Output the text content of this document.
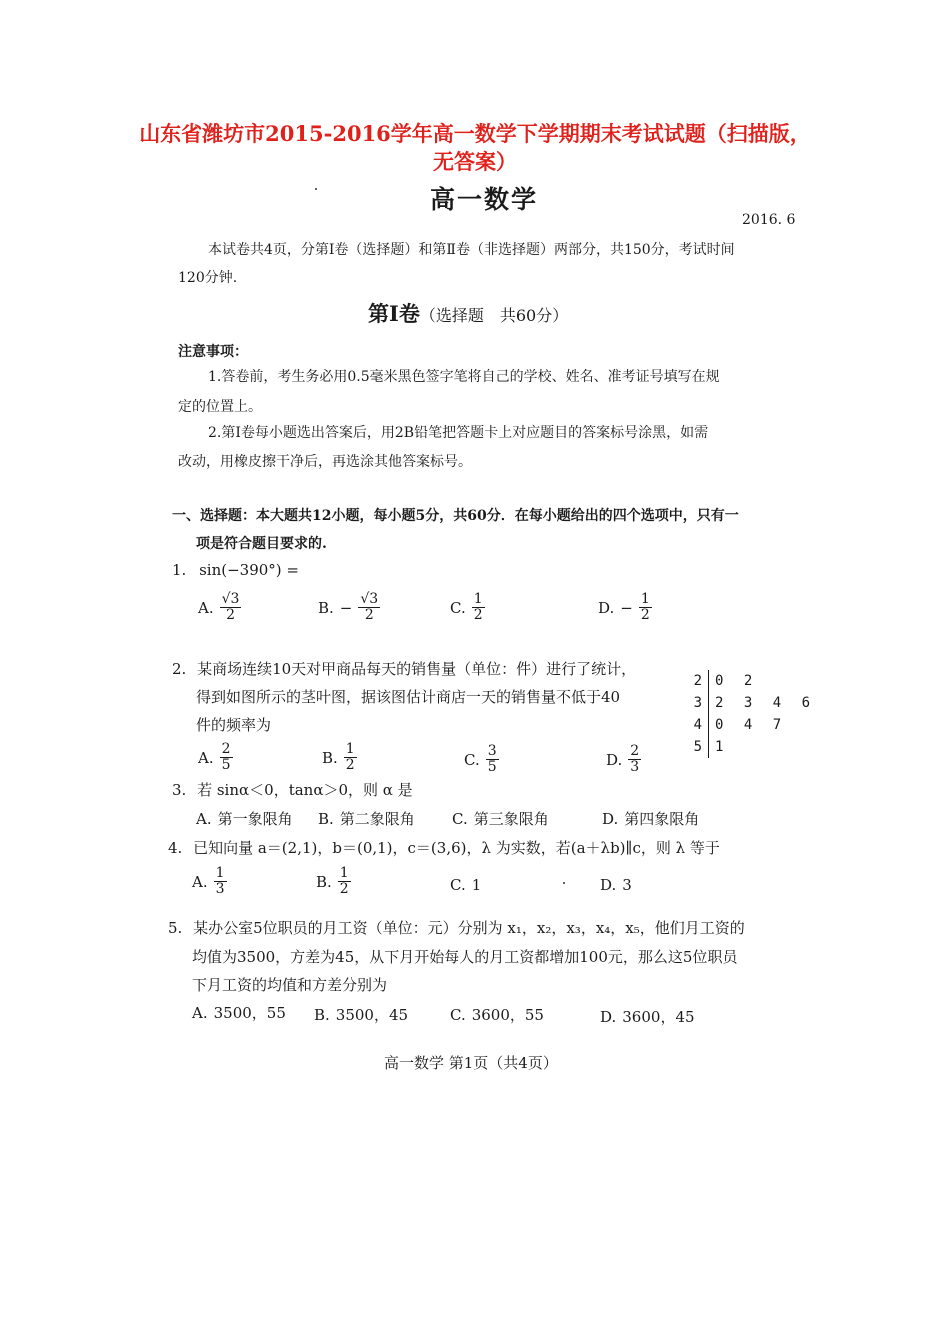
山东省潍坊市2015-2016学年高一数学下学期期末考试试题（扫描版，
无答案）
高一数学
2016. 6
本试卷共4页，分第Ⅰ卷（选择题）和第Ⅱ卷（非选择题）两部分，共150分，考试时间
120分钟.
第Ⅰ卷 （选择题　共60分）
注意事项：
1.答卷前，考生务必用0.5毫米黑色签字笔将自己的学校、姓名、准考证号填写在规
定的位置上。
2.第Ⅰ卷每小题选出答案后，用2B铅笔把答题卡上对应题目的答案标号涂黑，如需
改动，用橡皮擦干净后，再选涂其他答案标号。
一、选择题：本大题共12小题，每小题5分，共60分．在每小题给出的四个选项中，只有一
项是符合题目要求的.
1. sin(−390°) =
A. $\frac{√3}{2}$	B. − $\frac{√3}{2}$	C. $\frac{1}{2}$	D. − $\frac{1}{2}$
2. 某商场连续10天对甲商品每天的销售量（单位：件）进行了统计，
得到如图所示的茎叶图，据该图估计商店一天的销售量不低于40
件的频率为
2 0 2
3 2 3 4 6
4 0 4 7
5 1
A. $\frac{2}{5}$	B. $\frac{1}{2}$	C. $\frac{3}{5}$	D. $\frac{2}{3}$
3. 若 sinα＜0，tanα＞0，则 α 是
A. 第一象限角 B. 第二象限角 C. 第三象限角	D. 第四象限角
4. 已知向量 a＝(2,1)，b＝(0,1)，c＝(3,6)，λ 为实数，若(a＋λb)∥c，则 λ 等于
A. $\frac{1}{3}$	B. $\frac{1}{2}$	C. 1	D. 3
5. 某办公室5位职员的月工资（单位：元）分别为 x₁，x₂，x₃，x₄，x₅，他们月工资的
均值为3500，方差为45，从下月开始每人的月工资都增加100元，那么这5位职员
下月工资的均值和方差分别为
A. 3500，55 B. 3500，45	C. 3600，55	D. 3600，45
高一数学 第1页（共4页）
